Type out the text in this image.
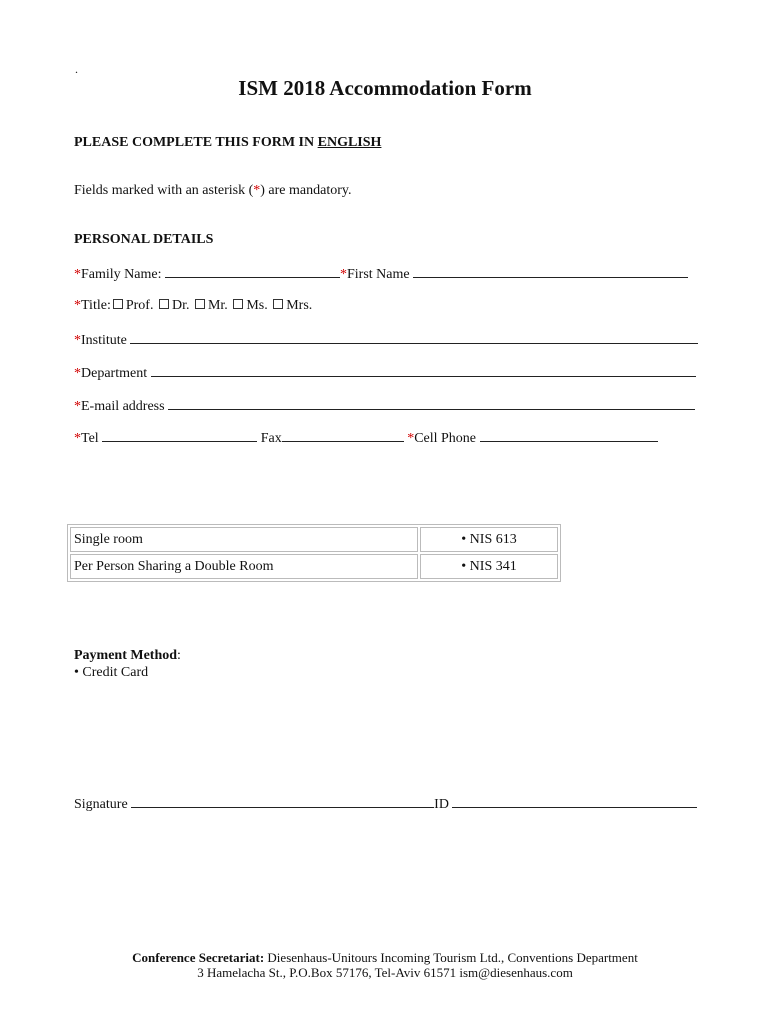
.
ISM 2018 Accommodation Form
PLEASE COMPLETE THIS FORM IN ENGLISH
Fields marked with an asterisk (*) are mandatory.
PERSONAL DETAILS
*Family Name:	*First Name
*Title: Prof. Dr. Mr. Ms. Mrs.
*Institute
*Department
*E-mail address
*Tel	Fax	*Cell Phone
Single room	• NIS 613
Per Person Sharing a Double Room	• NIS 341
Payment Method:
• Credit Card
Signature	ID
Conference Secretariat: Diesenhaus-Unitours Incoming Tourism Ltd., Conventions Department
3 Hamelacha St., P.O.Box 57176, Tel-Aviv 61571 ism@diesenhaus.com
